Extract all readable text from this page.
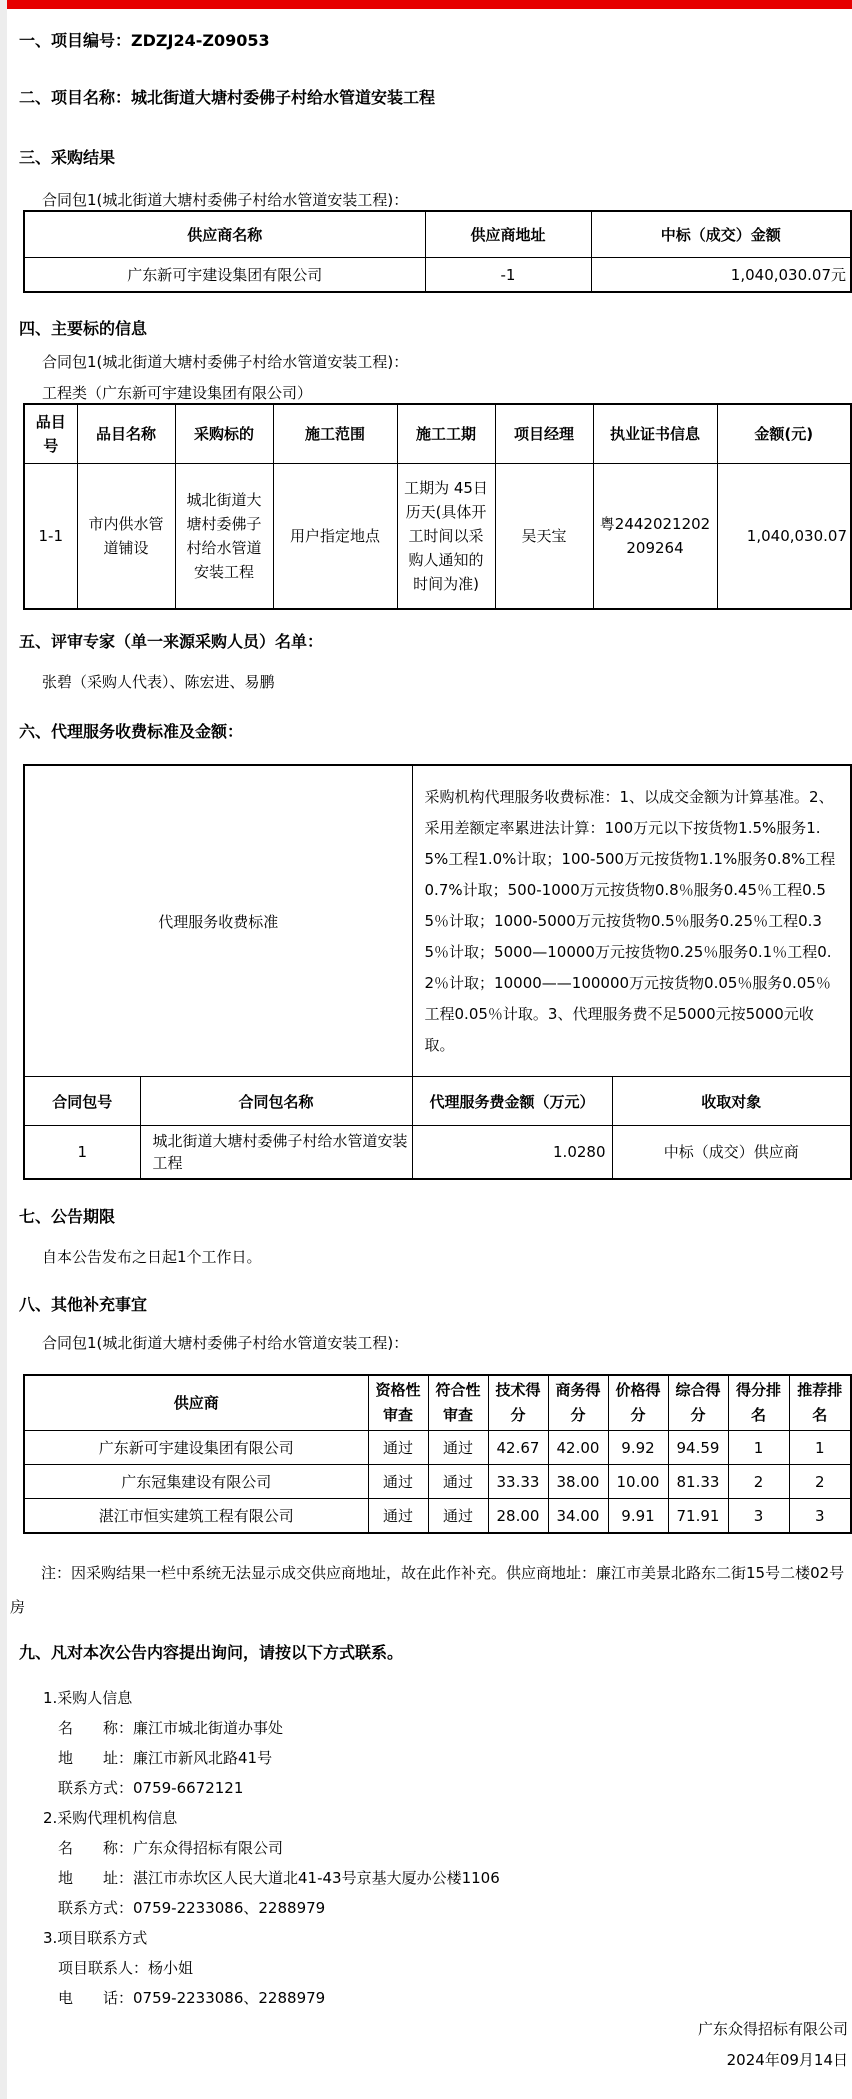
一、项目编号：ZDZJ24-Z09053
二、项目名称：城北街道大塘村委佛子村给水管道安装工程
三、采购结果
合同包1(城北街道大塘村委佛子村给水管道安装工程)：
供应商名称	供应商地址	中标（成交）金额
广东新可宇建设集团有限公司	-1	1,040,030.07元
四、主要标的信息
合同包1(城北街道大塘村委佛子村给水管道安装工程)：
工程类（广东新可宇建设集团有限公司）
品目号	品目名称	采购标的	施工范围	施工工期	项目经理	执业证书信息	金额(元)
1-1	市内供水管道铺设	城北街道大塘村委佛子村给水管道安装工程	用户指定地点	工期为 45日历天(具体开工时间以采购人通知的时间为准)	吴天宝	粤2442021202209264	1,040,030.07
五、评审专家（单一来源采购人员）名单：
张碧（采购人代表）、陈宏进、易鹏
六、代理服务收费标准及金额：
代理服务收费标准		采购机构代理服务收费标准：1、以成交金额为计算基准。2、采用差额定率累进法计算：100万元以下按货物1.5%服务1.5%工程1.0%计取；100-500万元按货物1.1%服务0.8%工程0.7%计取；500-1000万元按货物0.8％服务0.45％工程0.55％计取；1000-5000万元按货物0.5％服务0.25％工程0.35％计取；5000—10000万元按货物0.25％服务0.1％工程0.2％计取；10000——100000万元按货物0.05％服务0.05％工程0.05％计取。3、代理服务费不足5000元按5000元收取。	
合同包号	合同包名称	代理服务费金额（万元）	收取对象
1	城北街道大塘村委佛子村给水管道安装工程	1.0280	中标（成交）供应商
七、公告期限
自本公告发布之日起1个工作日。
八、其他补充事宜
合同包1(城北街道大塘村委佛子村给水管道安装工程)：
供应商	资格性审查	符合性审查	技术得分	商务得分	价格得分	综合得分	得分排名	推荐排名
广东新可宇建设集团有限公司	通过	通过	42.67	42.00	9.92	94.59	1	1
广东冠集建设有限公司	通过	通过	33.33	38.00	10.00	81.33	2	2
湛江市恒实建筑工程有限公司	通过	通过	28.00	34.00	9.91	71.91	3	3
注：因采购结果一栏中系统无法显示成交供应商地址，故在此作补充。供应商地址：廉江市美景北路东二街15号二楼02号房
九、凡对本次公告内容提出询问，请按以下方式联系。
1.采购人信息
名　　称：廉江市城北街道办事处
地　　址：廉江市新风北路41号
联系方式：0759-6672121
2.采购代理机构信息
名　　称：广东众得招标有限公司
地　　址：湛江市赤坎区人民大道北41-43号京基大厦办公楼1106
联系方式：0759-2233086、2288979
3.项目联系方式
项目联系人：杨小姐
电　　话：0759-2233086、2288979
广东众得招标有限公司
2024年09月14日
